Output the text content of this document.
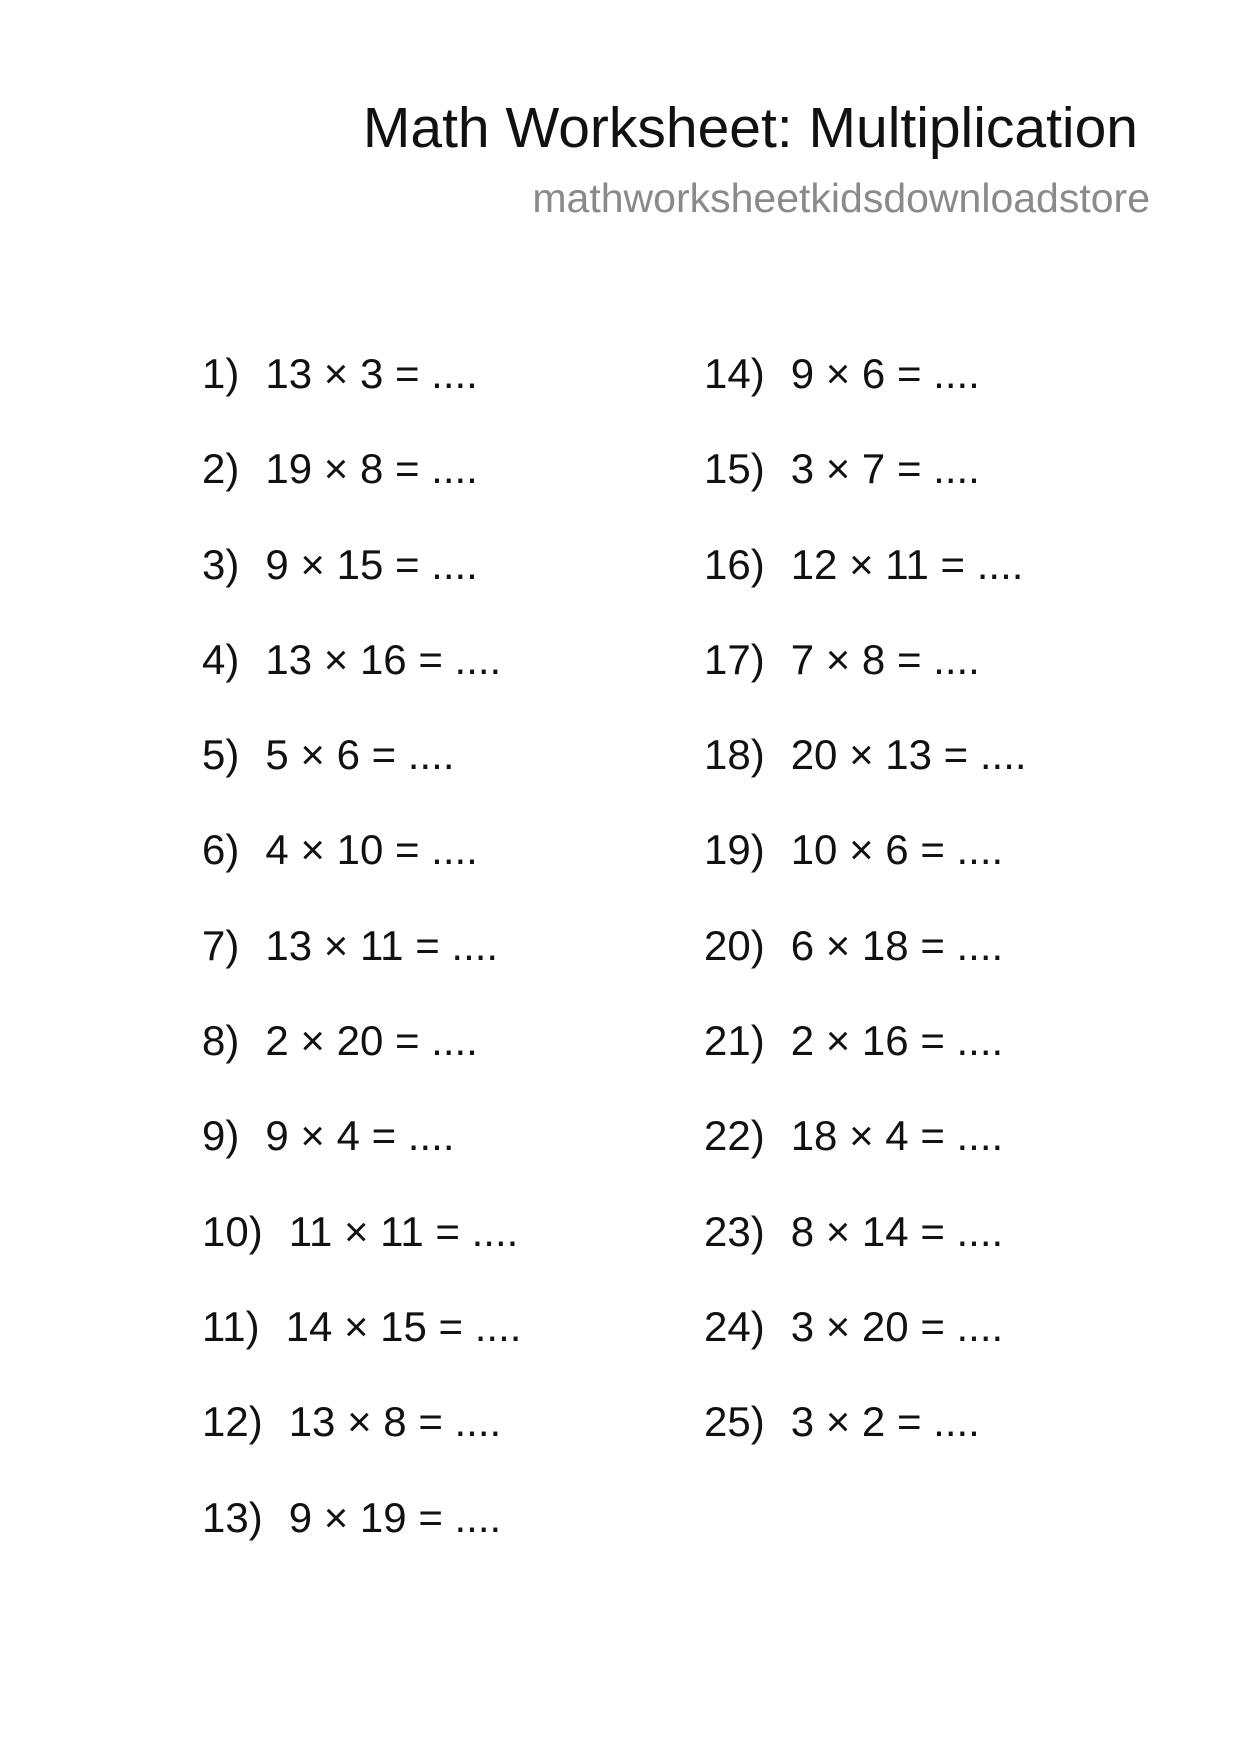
Math Worksheet: Multiplication
mathworksheetkidsdownloadstore
1) 13 × 3 = ....
2) 19 × 8 = ....
3) 9 × 15 = ....
4) 13 × 16 = ....
5) 5 × 6 = ....
6) 4 × 10 = ....
7) 13 × 11 = ....
8) 2 × 20 = ....
9) 9 × 4 = ....
10) 11 × 11 = ....
11) 14 × 15 = ....
12) 13 × 8 = ....
13) 9 × 19 = ....
14) 9 × 6 = ....
15) 3 × 7 = ....
16) 12 × 11 = ....
17) 7 × 8 = ....
18) 20 × 13 = ....
19) 10 × 6 = ....
20) 6 × 18 = ....
21) 2 × 16 = ....
22) 18 × 4 = ....
23) 8 × 14 = ....
24) 3 × 20 = ....
25) 3 × 2 = ....
